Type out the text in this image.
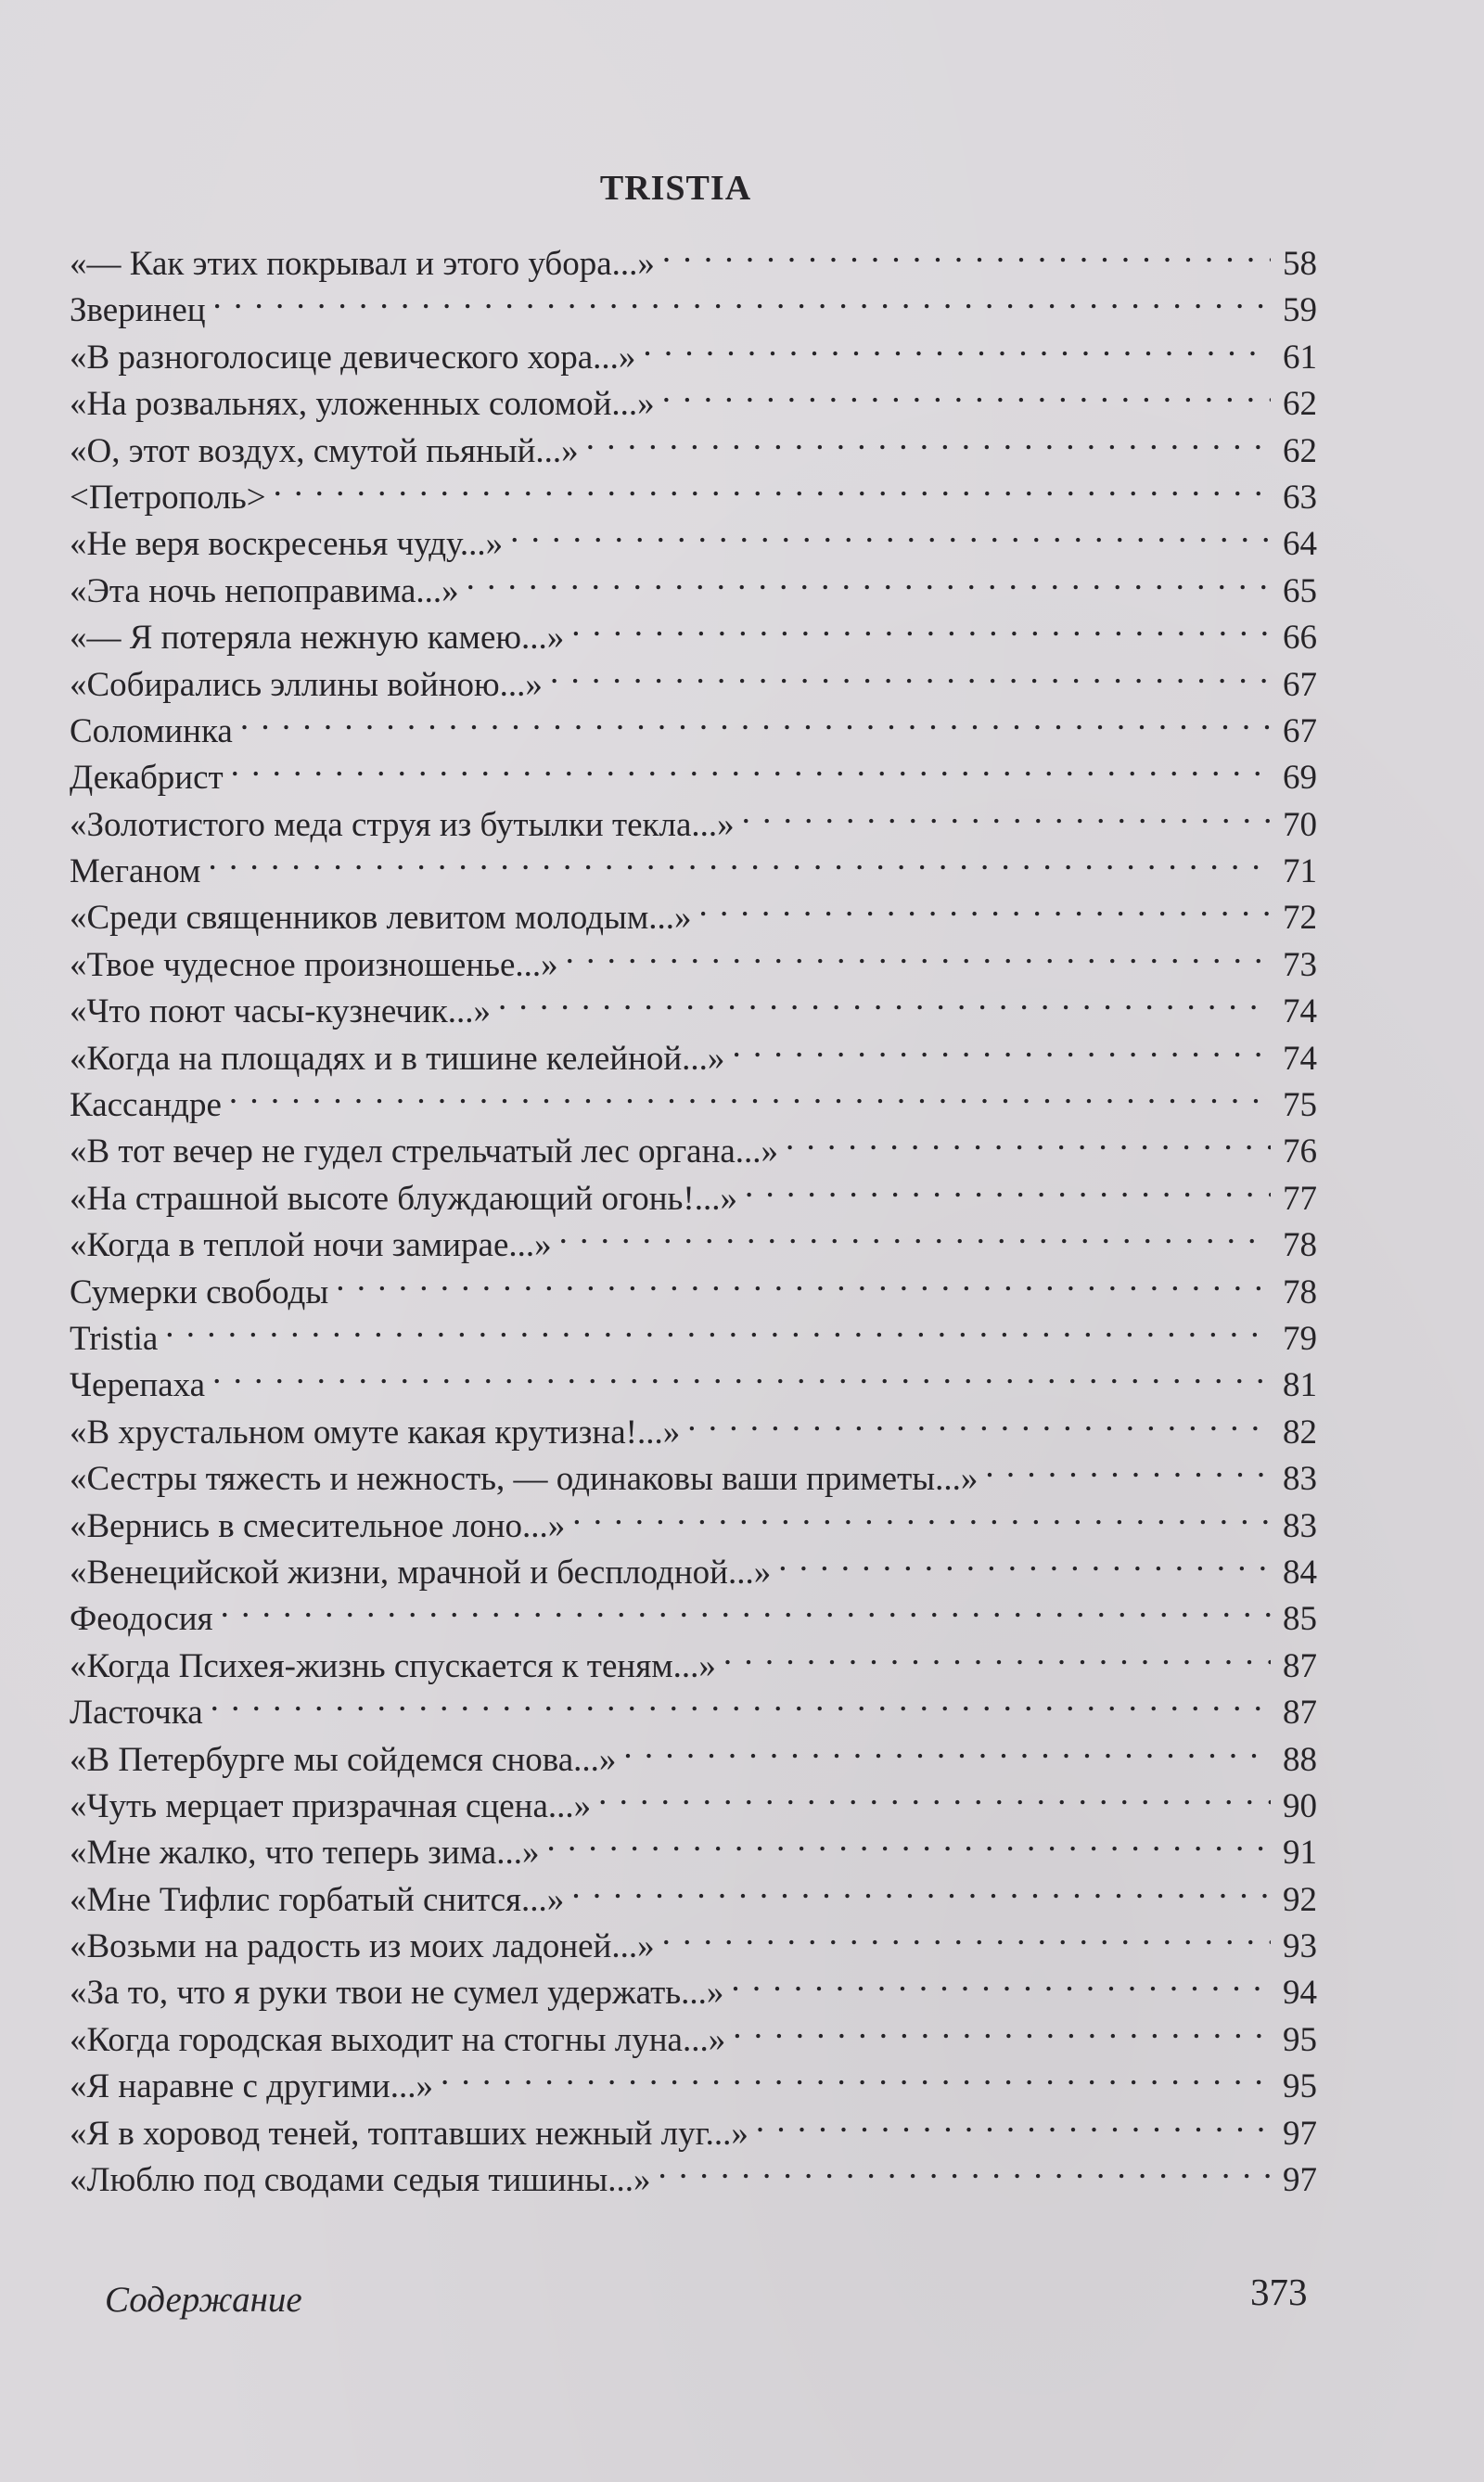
TRISTIA
«— Как этих покрывал и этого убора...» . . .	58
Зверинец . . .	59
«В разноголосице девического хора...» . . .	61
«На розвальнях, уложенных соломой...» . . .	62
«О, этот воздух, смутой пьяный...» . . .	62
<Петрополь> . . .	63
«Не веря воскресенья чуду...» . . .	64
«Эта ночь непоправима...» . . .	65
«— Я потеряла нежную камею...» . . .	66
«Собирались эллины войною...» . . .	67
Соломинка . . .	67
Декабрист . . .	69
«Золотистого меда струя из бутылки текла...» . . .	70
Меганом . . .	71
«Среди священников левитом молодым...» . . .	72
«Твое чудесное произношенье...» . . .	73
«Что поют часы-кузнечик...» . . .	74
«Когда на площадях и в тишине келейной...» . . .	74
Кассандре . . .	75
«В тот вечер не гудел стрельчатый лес органа...» . . .	76
«На страшной высоте блуждающий огонь!...» . . .	77
«Когда в теплой ночи замирае...» . . .	78
Сумерки свободы . . .	78
Tristia . . .	79
Черепаха . . .	81
«В хрустальном омуте какая крутизна!...» . . .	82
«Сестры тяжесть и нежность, — одинаковы ваши приметы...» . . .	83
«Вернись в смесительное лоно...» . . .	83
«Венецийской жизни, мрачной и бесплодной...» . . .	84
Феодосия . . .	85
«Когда Психея-жизнь спускается к теням...» . . .	87
Ласточка . . .	87
«В Петербурге мы сойдемся снова...» . . .	88
«Чуть мерцает призрачная сцена...» . . .	90
«Мне жалко, что теперь зима...» . . .	91
«Мне Тифлис горбатый снится...» . . .	92
«Возьми на радость из моих ладоней...» . . .	93
«За то, что я руки твои не сумел удержать...» . . .	94
«Когда городская выходит на стогны луна...» . . .	95
«Я наравне с другими...» . . .	95
«Я в хоровод теней, топтавших нежный луг...» . . .	97
«Люблю под сводами седыя тишины...» . . .	97
Содержание	373
